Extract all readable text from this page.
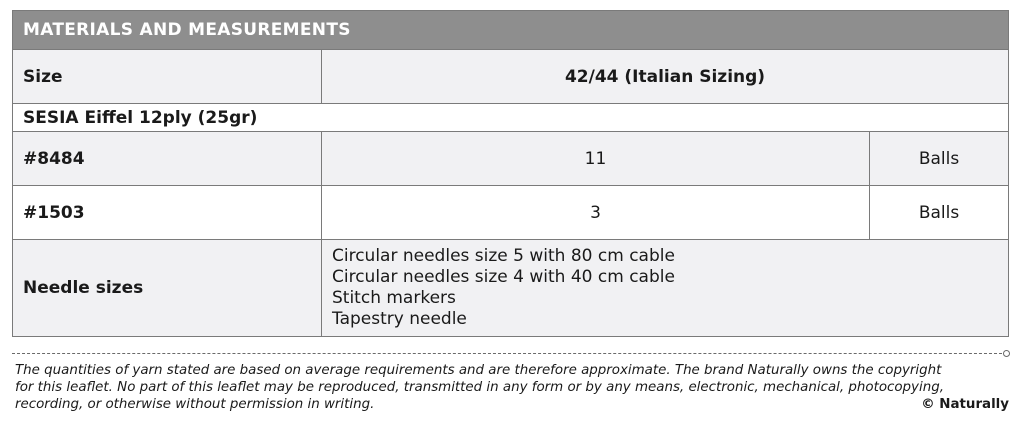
MATERIALS AND MEASUREMENTS		
Size	42/44 (Italian Sizing)	
SESIA Eiffel 12ply (25gr)		
#8484	11	Balls
#1503	3	Balls
Needle sizes	Circular needles size 5 with 80 cm cable
Circular needles size 4 with 40 cm cable
Stitch markers
Tapestry needle	
The quantities of yarn stated are based on average requirements and are therefore approximate. The brand Naturally owns the copyright
for this leaflet. No part of this leaflet may be reproduced, transmitted in any form or by any means, electronic, mechanical, photocopying,
recording, or otherwise without permission in writing.	© Naturally
